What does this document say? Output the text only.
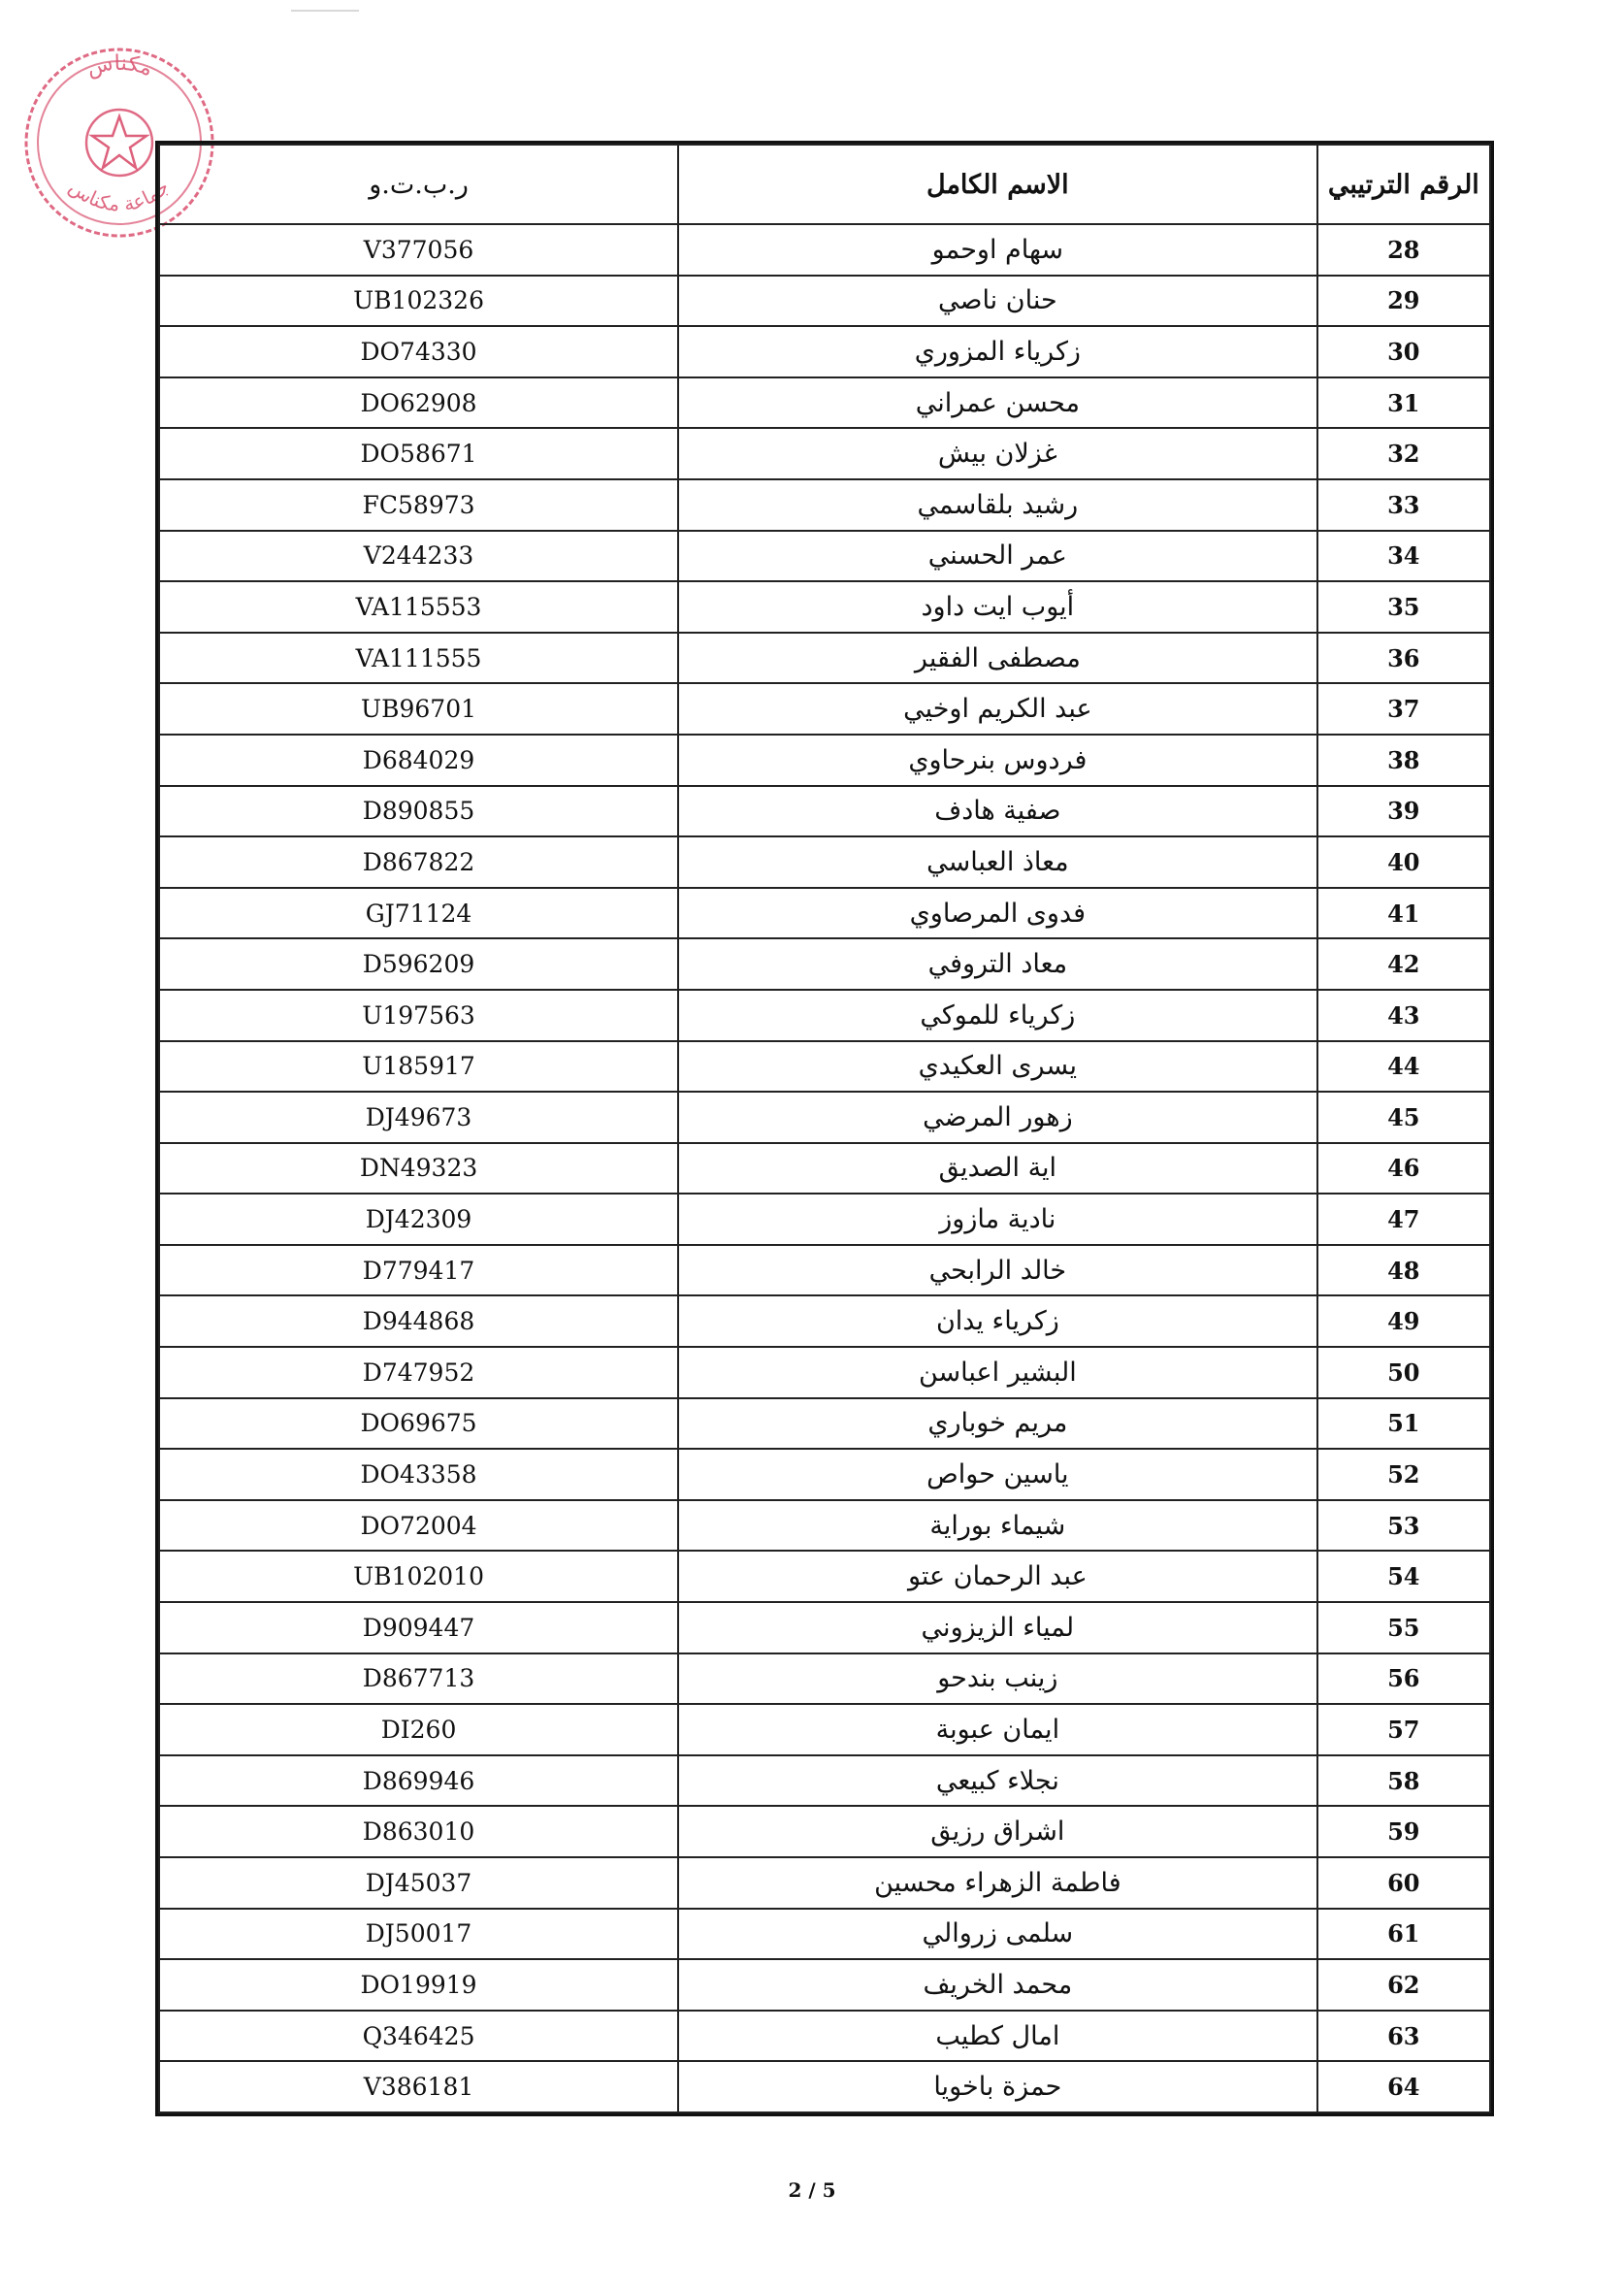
مكناس
جماعة مكناس	ر.ب.ت.و	الاسم الكامل	الرقم الترتيبي
V377056	سهام اوحمو	28
UB102326	حنان ناصي	29
DO74330	زكرياء المزوري	30
DO62908	محسن عمراني	31
DO58671	غزلان بيش	32
FC58973	رشيد بلقاسمي	33
V244233	عمر الحسني	34
VA115553	أيوب ايت داود	35
VA111555	مصطفى الفقير	36
UB96701	عبد الكريم اوخيي	37
D684029	فردوس بنرحاوي	38
D890855	صفية هادف	39
D867822	معاذ العباسي	40
GJ71124	فدوى المرصاوي	41
D596209	معاد التروفي	42
U197563	زكرياء للموكي	43
U185917	يسرى العكيدي	44
DJ49673	زهور المرضي	45
DN49323	اية الصديق	46
DJ42309	نادية مازوز	47
D779417	خالد الرابحي	48
D944868	زكرياء يدان	49
D747952	البشير اعباسن	50
DO69675	مريم خوباري	51
DO43358	ياسين حواص	52
DO72004	شيماء بوراية	53
UB102010	عبد الرحمان عتو	54
D909447	لمياء الزيزوني	55
D867713	زينب بندحو	56
DI260	ايمان عبوبة	57
D869946	نجلاء كبيعي	58
D863010	اشراق رزيق	59
DJ45037	فاطمة الزهراء محسين	60
DJ50017	سلمى زروالي	61
DO19919	محمد الخريف	62
Q346425	امال كطيب	63
V386181	حمزة باخويا	64
2 / 5
